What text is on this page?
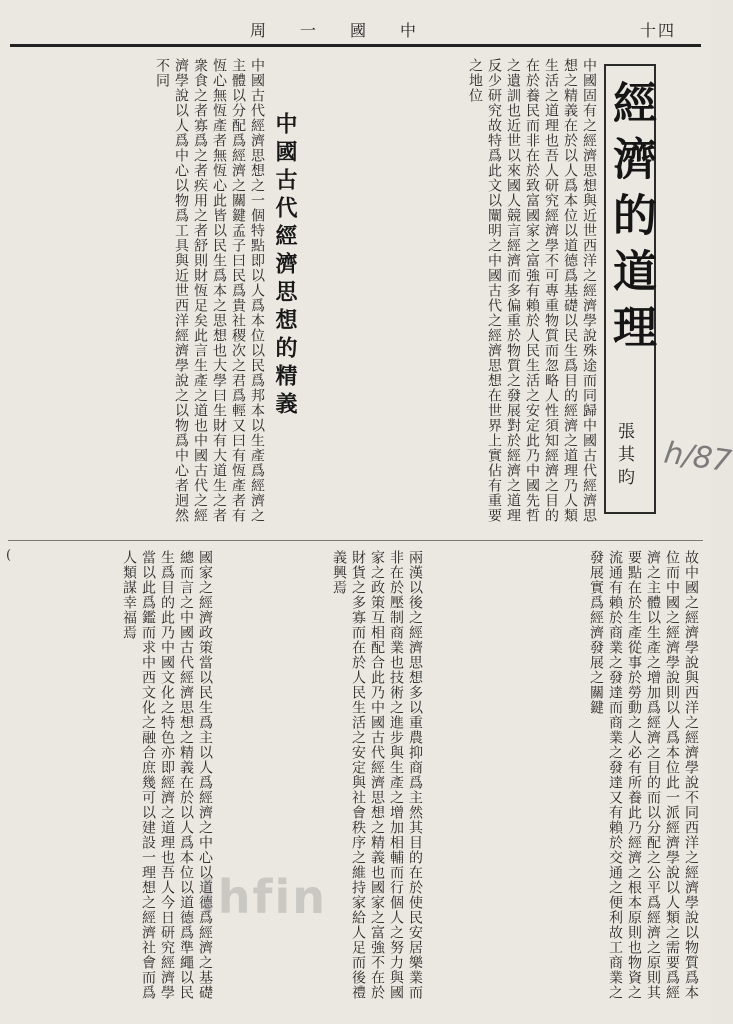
十四
周一國中
經濟的道理
張其昀
中國固有之經濟思想與近世西洋之經濟學說殊途而同歸中國古代經濟思想之精義在於以人爲本位以道德爲基礎以民生爲目的經濟之道理乃人類生活之道理也吾人研究經濟學不可專重物質而忽略人性須知經濟之目的在於養民而非在於致富國家之富強有賴於人民生活之安定此乃中國先哲之遺訓也近世以來國人競言經濟而多偏重於物質之發展對於經濟之道理反少研究故特爲此文以闡明之中國古代之經濟思想在世界上實佔有重要之地位
中國古代經濟思想的精義
中國古代經濟思想之一個特點即以人爲本位以民爲邦本以生產爲經濟之主體以分配爲經濟之關鍵孟子曰民爲貴社稷次之君爲輕又曰有恆產者有恆心無恆產者無恆心此皆以民生爲本之思想也大學曰生財有大道生之者衆食之者寡爲之者疾用之者舒則財恆足矣此言生產之道也中國古代之經濟學說以人爲中心以物爲工具與近世西洋經濟學說之以物爲中心者迥然不同
(	故中國之經濟學說與西洋之經濟學說不同西洋之經濟學說以物質爲本位而中國之經濟學說則以人爲本位此一派經濟學說以人類之需要爲經濟之主體以生產之增加爲經濟之目的而以分配之公平爲經濟之原則其要點在於生產從事於勞動之人必有所養此乃經濟之根本原則也物資之流通有賴於商業之發達而商業之發達又有賴於交通之便利故工商業之發展實爲經濟發展之關鍵
兩漢以後之經濟思想多以重農抑商爲主然其目的在於使民安居樂業而非在於壓制商業也技術之進步與生產之增加相輔而行個人之努力與國家之政策互相配合此乃中國古代經濟思想之精義也國家之富強不在於財貨之多寡而在於人民生活之安定與社會秩序之維持家給人足而後禮義興焉
國家之經濟政策當以民生爲主以人爲經濟之中心以道德爲經濟之基礎總而言之中國古代經濟思想之精義在於以人爲本位以道德爲準繩以民生爲目的此乃中國文化之特色亦即經濟之道理也吾人今日研究經濟學當以此爲鑑而求中西文化之融合庶幾可以建設一理想之經濟社會而爲人類謀幸福焉
h/87
lhfin
